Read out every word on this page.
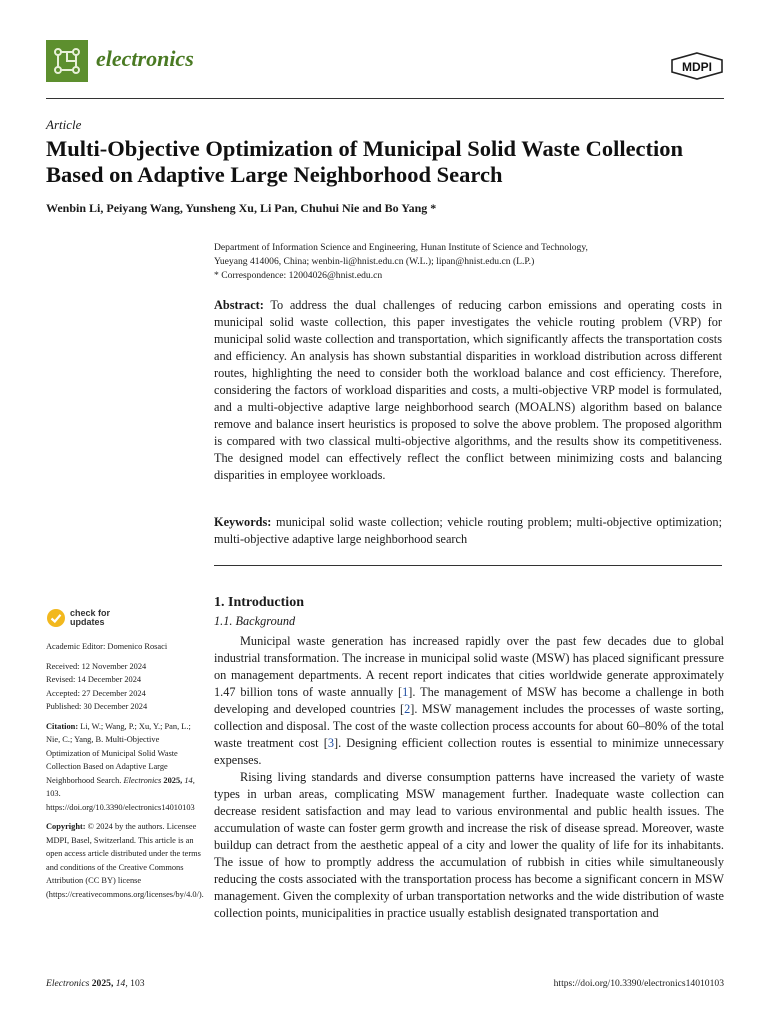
electronics	MDPI
Article
Multi-Objective Optimization of Municipal Solid Waste Collection Based on Adaptive Large Neighborhood Search
Wenbin Li, Peiyang Wang, Yunsheng Xu, Li Pan, Chuhui Nie and Bo Yang *
Department of Information Science and Engineering, Hunan Institute of Science and Technology,
Yueyang 414006, China; wenbin-li@hnist.edu.cn (W.L.); lipan@hnist.edu.cn (L.P.)
* Correspondence: 12004026@hnist.edu.cn
Abstract: To address the dual challenges of reducing carbon emissions and operating costs in municipal solid waste collection, this paper investigates the vehicle routing problem (VRP) for municipal solid waste collection and transportation, which significantly affects the transportation costs and efficiency. An analysis has shown substantial disparities in workload distribution across different routes, highlighting the need to consider both the workload balance and cost efficiency. Therefore, considering the factors of workload disparities and costs, a multi-objective VRP model is formulated, and a multi-objective adaptive large neighborhood search (MOALNS) algorithm based on balance remove and balance insert heuristics is proposed to solve the above problem. The proposed algorithm is compared with two classical multi-objective algorithms, and the results show its competitiveness. The designed model can effectively reflect the conflict between minimizing costs and balancing disparities in employee workloads.
Keywords: municipal solid waste collection; vehicle routing problem; multi-objective optimization; multi-objective adaptive large neighborhood search
check for
updates
Academic Editor: Domenico Rosaci
Received: 12 November 2024
Revised: 14 December 2024
Accepted: 27 December 2024
Published: 30 December 2024
Citation: Li, W.; Wang, P.; Xu, Y.; Pan, L.; Nie, C.; Yang, B. Multi-Objective Optimization of Municipal Solid Waste Collection Based on Adaptive Large Neighborhood Search. Electronics 2025, 14, 103. https://doi.org/10.3390/electronics14010103
Copyright: © 2024 by the authors. Licensee MDPI, Basel, Switzerland. This article is an open access article distributed under the terms and conditions of the Creative Commons Attribution (CC BY) license (https://creativecommons.org/licenses/by/4.0/).
1. Introduction
1.1. Background

Municipal waste generation has increased rapidly over the past few decades due to global industrial transformation. The increase in municipal solid waste (MSW) has placed significant pressure on management departments. A recent report indicates that cities worldwide generate approximately 1.47 billion tons of waste annually [1]. The management of MSW has become a challenge in both developing and developed countries [2]. MSW management includes the processes of waste sorting, collection and disposal. The cost of the waste collection process accounts for about 60–80% of the total waste treatment cost [3]. Designing efficient collection routes is essential to minimize unnecessary expenses.

Rising living standards and diverse consumption patterns have increased the variety of waste types in urban areas, complicating MSW management further. Inadequate waste collection can decrease resident satisfaction and may lead to various environmental and public health issues. The accumulation of waste can foster germ growth and increase the risk of disease spread. Moreover, waste buildup can detract from the aesthetic appeal of a city and lower the quality of life for its inhabitants. The issue of how to promptly address the accumulation of rubbish in cities while simultaneously reducing the costs associated with the transportation process has become a significant concern in MSW management. Given the complexity of urban transportation networks and the wide distribution of waste collection points, municipalities in practice usually establish designated transportation and

Electronics 2025, 14, 103	https://doi.org/10.3390/electronics14010103
